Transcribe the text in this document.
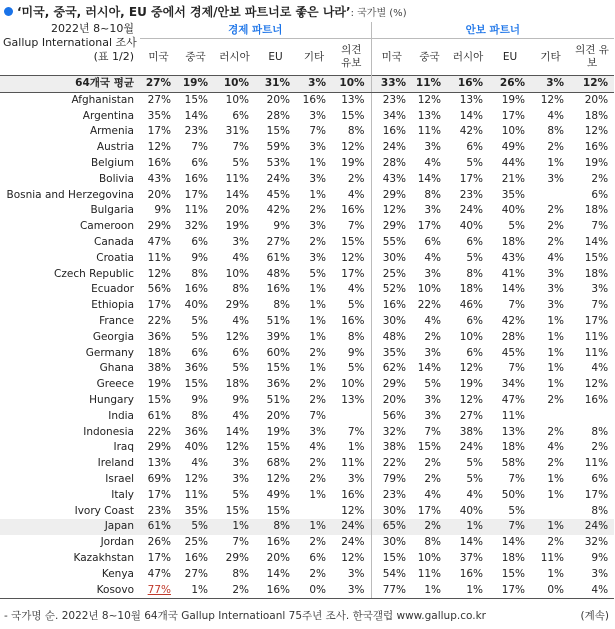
‘미국, 중국, 러시아, EU 중에서 경제/안보 파트너로 좋은 나라’: 국가별 (%)
2022년 8~10월
Gallup International 조사
(표 1/2)	경제 파트너						안보 파트너					
	미국	중국	러시아	EU	기타	의견 유보	미국	중국	러시아	EU	기타	의견 유보
64개국 평균	27%	19%	10%	31%	3%	10%	33%	11%	16%	26%	3%	12%
Afghanistan	27%	15%	10%	20%	16%	13%	23%	12%	13%	19%	12%	20%
Argentina	35%	14%	6%	28%	3%	15%	34%	13%	14%	17%	4%	18%
Armenia	17%	23%	31%	15%	7%	8%	16%	11%	42%	10%	8%	12%
Austria	12%	7%	7%	59%	3%	12%	24%	3%	6%	49%	2%	16%
Belgium	16%	6%	5%	53%	1%	19%	28%	4%	5%	44%	1%	19%
Bolivia	43%	16%	11%	24%	3%	2%	43%	14%	17%	21%	3%	2%
Bosnia and Herzegovina	20%	17%	14%	45%	1%	4%	29%	8%	23%	35%		6%
Bulgaria	9%	11%	20%	42%	2%	16%	12%	3%	24%	40%	2%	18%
Cameroon	29%	32%	19%	9%	3%	7%	29%	17%	40%	5%	2%	7%
Canada	47%	6%	3%	27%	2%	15%	55%	6%	6%	18%	2%	14%
Croatia	11%	9%	4%	61%	3%	12%	30%	4%	5%	43%	4%	15%
Czech Republic	12%	8%	10%	48%	5%	17%	25%	3%	8%	41%	3%	18%
Ecuador	56%	16%	8%	16%	1%	4%	52%	10%	18%	14%	3%	3%
Ethiopia	17%	40%	29%	8%	1%	5%	16%	22%	46%	7%	3%	7%
France	22%	5%	4%	51%	1%	16%	30%	4%	6%	42%	1%	17%
Georgia	36%	5%	12%	39%	1%	8%	48%	2%	10%	28%	1%	11%
Germany	18%	6%	6%	60%	2%	9%	35%	3%	6%	45%	1%	11%
Ghana	38%	36%	5%	15%	1%	5%	62%	14%	12%	7%	1%	4%
Greece	19%	15%	18%	36%	2%	10%	29%	5%	19%	34%	1%	12%
Hungary	15%	9%	9%	51%	2%	13%	20%	3%	12%	47%	2%	16%
India	61%	8%	4%	20%	7%		56%	3%	27%	11%		
Indonesia	22%	36%	14%	19%	3%	7%	32%	7%	38%	13%	2%	8%
Iraq	29%	40%	12%	15%	4%	1%	38%	15%	24%	18%	4%	2%
Ireland	13%	4%	3%	68%	2%	11%	22%	2%	5%	58%	2%	11%
Israel	69%	12%	3%	12%	2%	3%	79%	2%	5%	7%	1%	6%
Italy	17%	11%	5%	49%	1%	16%	23%	4%	4%	50%	1%	17%
Ivory Coast	23%	35%	15%	15%		12%	30%	17%	40%	5%		8%
Japan	61%	5%	1%	8%	1%	24%	65%	2%	1%	7%	1%	24%
Jordan	26%	25%	7%	16%	2%	24%	30%	8%	14%	14%	2%	32%
Kazakhstan	17%	16%	29%	20%	6%	12%	15%	10%	37%	18%	11%	9%
Kenya	47%	27%	8%	14%	2%	3%	54%	11%	16%	15%	1%	3%
Kosovo	77%	1%	2%	16%	0%	3%	77%	1%	1%	17%	0%	4%
- 국가명 순. 2022년 8~10월 64개국 Gallup Internatioanl 75주년 조사. 한국갤럽 www.gallup.co.kr	(계속)
